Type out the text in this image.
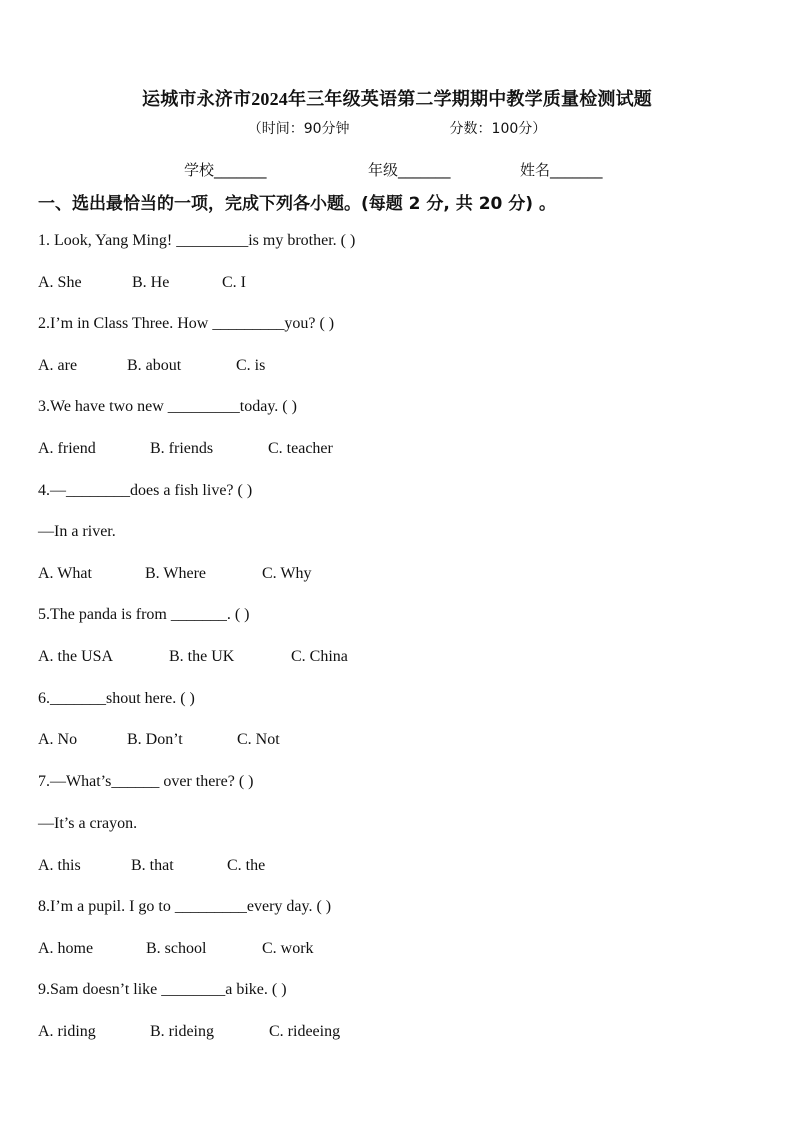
运城市永济市2024年三年级英语第二学期期中教学质量检测试题
（时间：90分钟	分数：100分）
学校_______	年级_______	姓名_______
一、选出最恰当的一项，完成下列各小题。(每题 2 分, 共 20 分) 。
1. Look, Yang Ming! _________is my brother. ( )
A. She	B. He	C. I
2.I’m in Class Three. How _________you? ( )
A. are	B. about	C. is
3.We have two new _________today. ( )
A. friend	B. friends	C. teacher
4.—________does a fish live? ( )
—In a river.
A. What	B. Where	C. Why
5.The panda is from _______. ( )
A. the USA	B. the UK	C. China
6._______shout here. ( )
A. No	B. Don’t	C. Not
7.—What’s______ over there? ( )
—It’s a crayon.
A. this	B. that	C. the
8.I’m a pupil. I go to _________every day. ( )
A. home	B. school	C. work
9.Sam doesn’t like ________a bike. ( )
A. riding	B. rideing	C. rideeing
